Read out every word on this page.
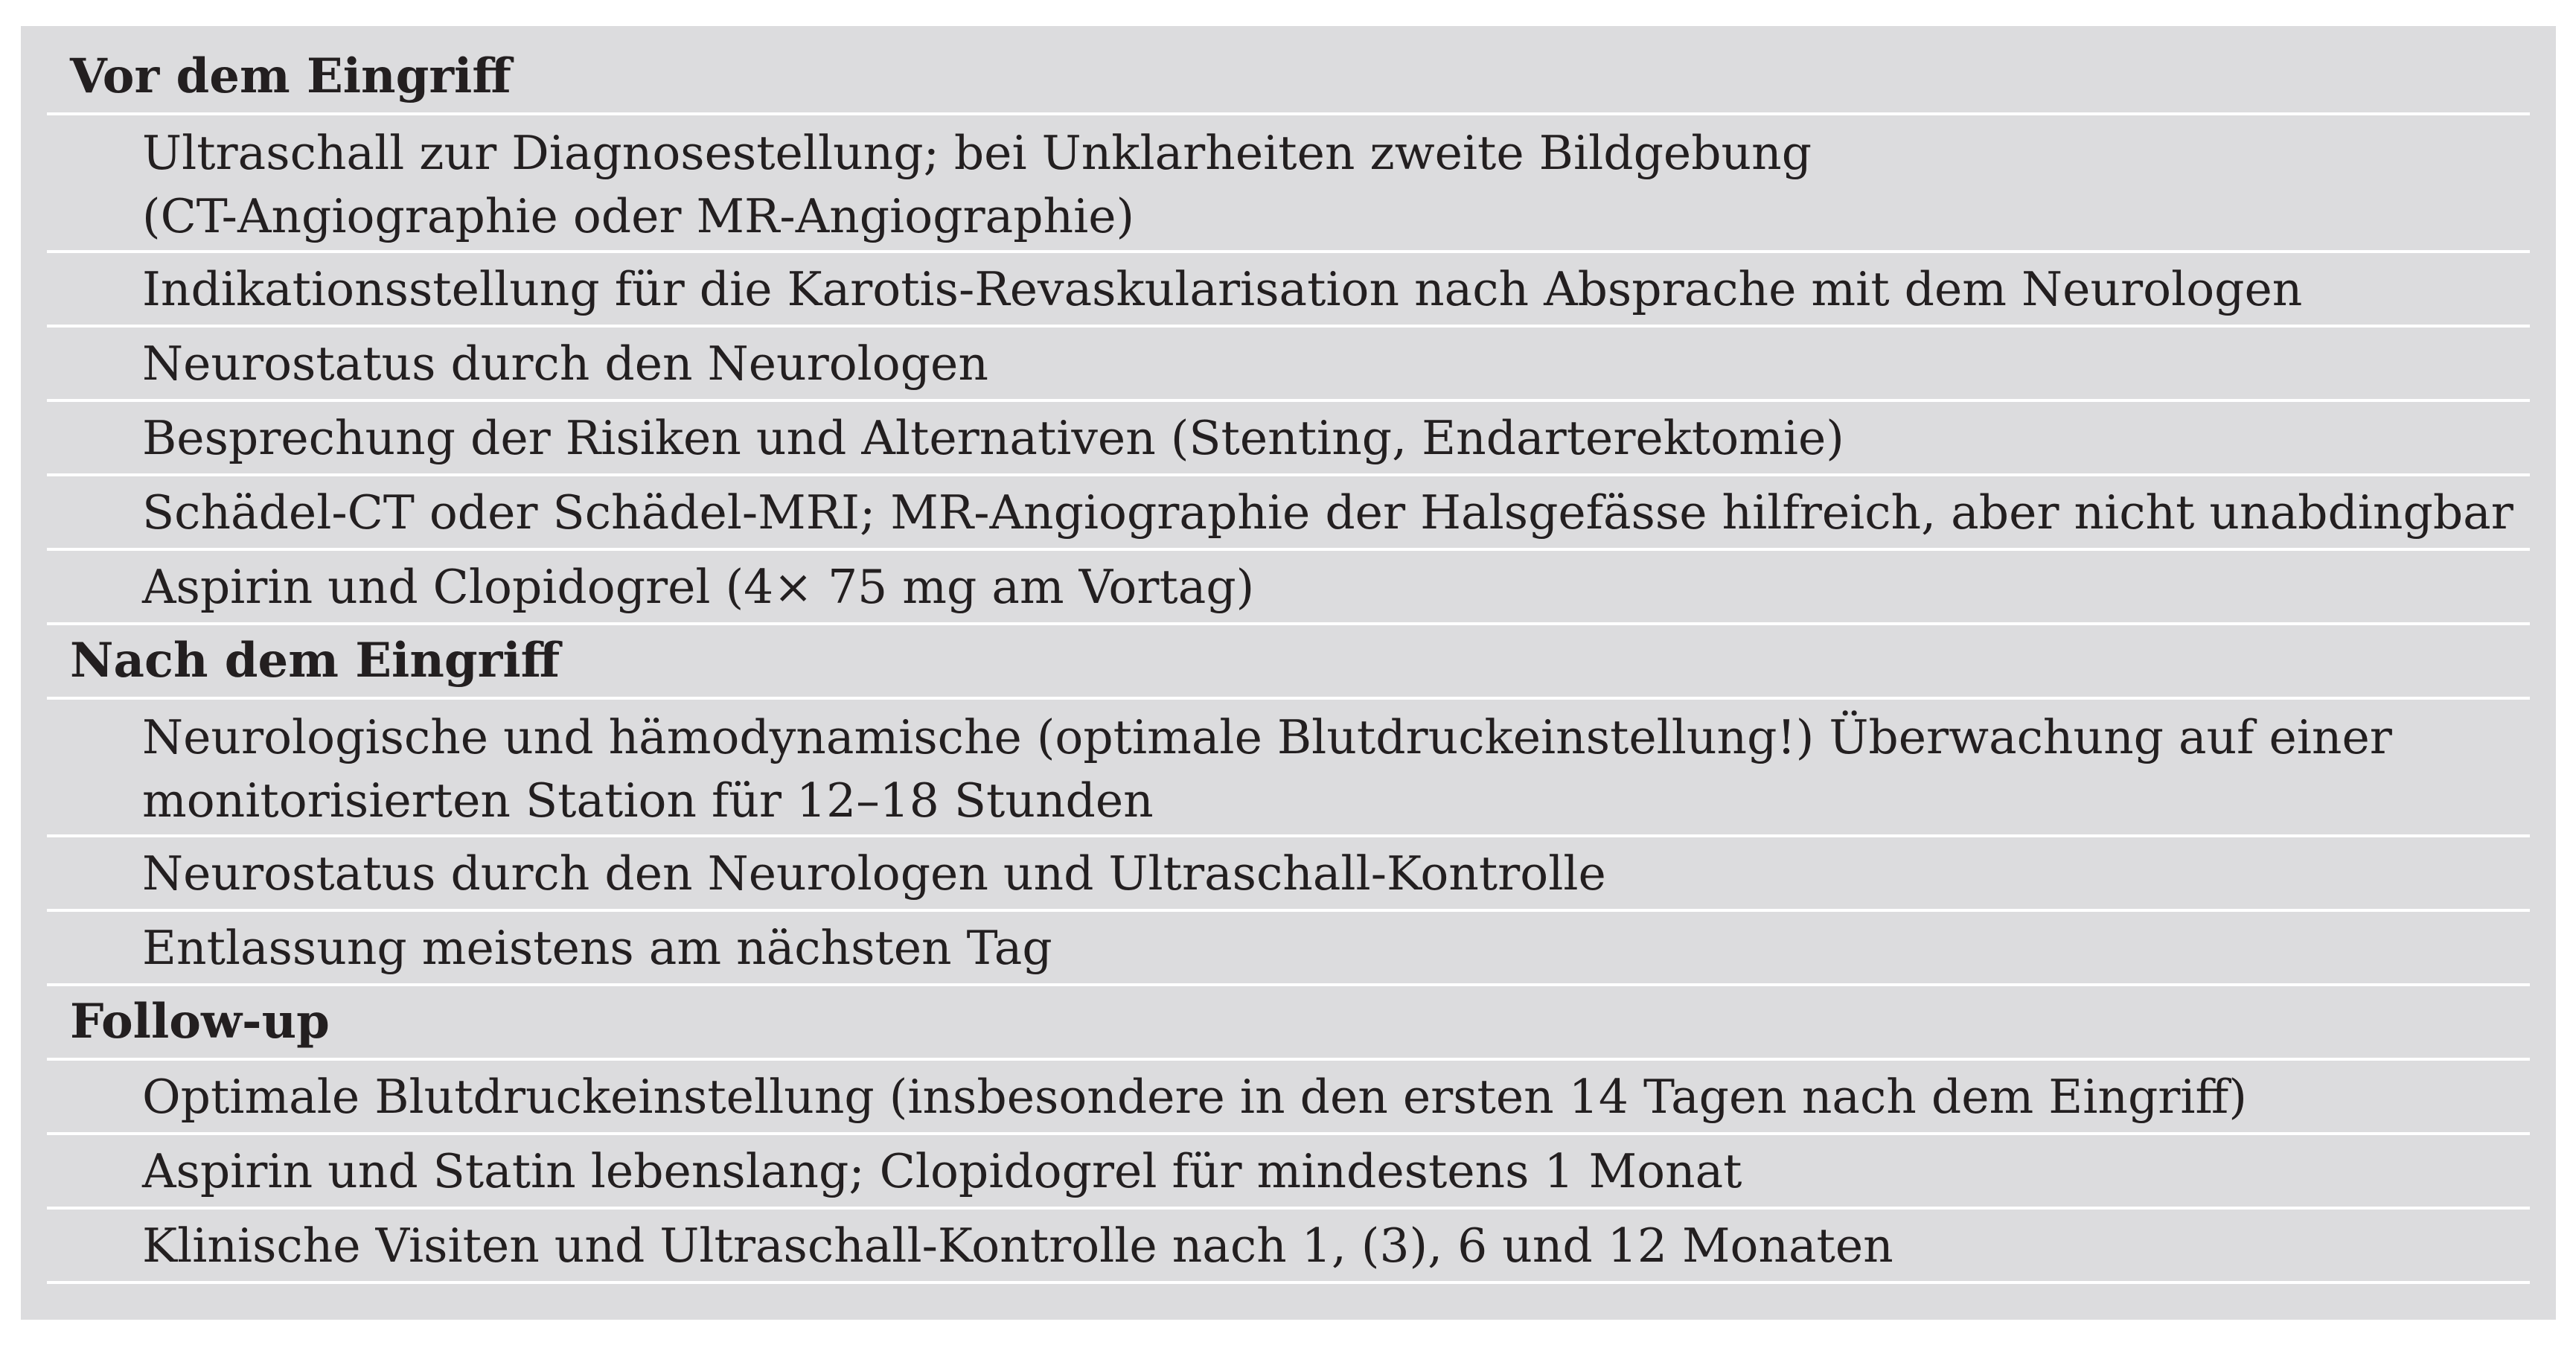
Vor dem Eingriff
Ultraschall zur Diagnosestellung; bei Unklarheiten zweite Bildgebung
(CT-Angiographie oder MR-Angiographie)
Indikationsstellung für die Karotis-Revaskularisation nach Absprache mit dem Neurologen
Neurostatus durch den Neurologen
Besprechung der Risiken und Alternativen (Stenting, Endarterektomie)
Schädel-CT oder Schädel-MRI; MR-Angiographie der Halsgefässe hilfreich, aber nicht unabdingbar
Aspirin und Clopidogrel (4× 75 mg am Vortag)
Nach dem Eingriff
Neurologische und hämodynamische (optimale Blutdruckeinstellung!) Überwachung auf einer
monitorisierten Station für 12–18 Stunden
Neurostatus durch den Neurologen und Ultraschall-Kontrolle
Entlassung meistens am nächsten Tag
Follow-up
Optimale Blutdruckeinstellung (insbesondere in den ersten 14 Tagen nach dem Eingriff)
Aspirin und Statin lebenslang; Clopidogrel für mindestens 1 Monat
Klinische Visiten und Ultraschall-Kontrolle nach 1, (3), 6 und 12 Monaten
